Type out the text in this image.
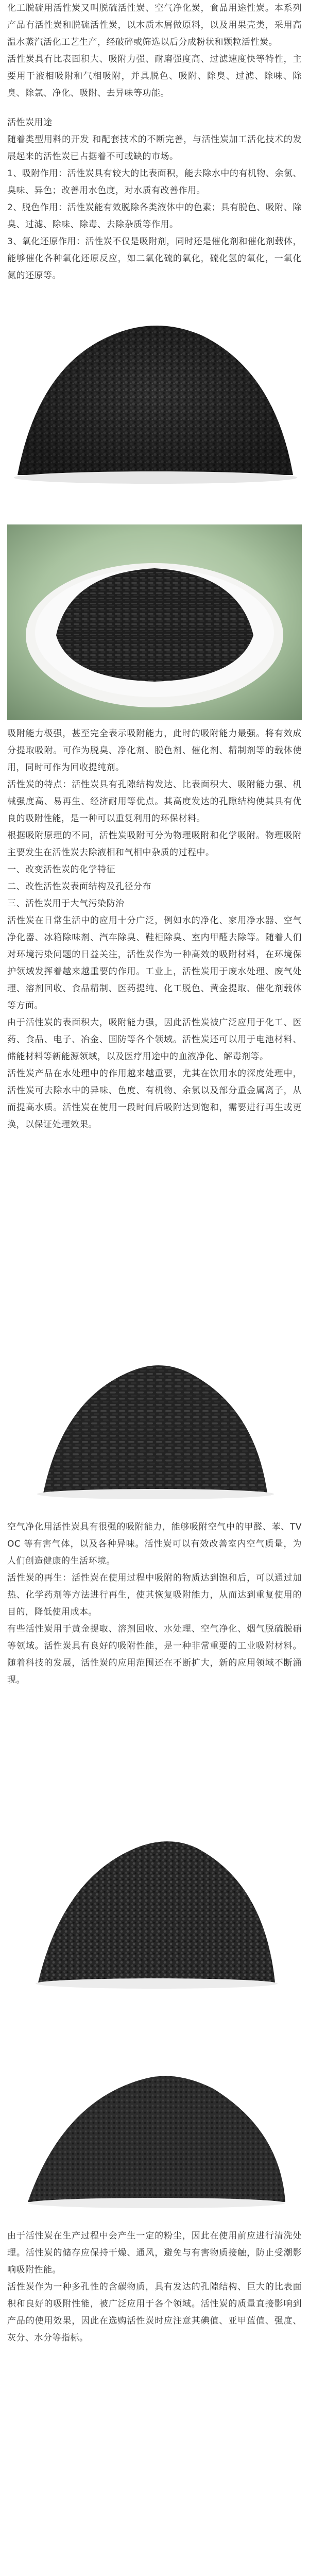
化工脱硫用活性炭又叫脱硫活性炭、空气净化炭，食品用途性炭。本系列产品有活性炭和脱硫活性炭，以木质木屑做原料，以及用果壳类，采用高温水蒸汽活化工艺生产，经破碎或筛选以后分成粉状和颗粒活性炭。

活性炭具有比表面积大、吸附力强、耐磨强度高、过滤速度快等特性，主要用于液相吸附和气相吸附，并具脱色、吸附、除臭、过滤、除味、除臭、除氯、净化、吸附、去异味等功能。

活性炭用途

随着类型用料的开发 和配套技术的不断完善，与活性炭加工活化技术的发展起来的活性炭已占据着不可或缺的市场。

1、吸附作用：活性炭具有较大的比表面积，能去除水中的有机物、余氯、臭味、异色；改善用水色度，对水质有改善作用。

2、脱色作用：活性炭能有效脱除各类液体中的色素；具有脱色、吸附、除臭、过滤、除味、除毒、去除杂质等作用。

3、氧化还原作用：活性炭不仅是吸附剂，同时还是催化剂和催化剂载体，能够催化各种氧化还原反应，如二氧化硫的氧化，硫化氢的氧化，一氧化氮的还原等。

吸附能力极强，甚至完全表示吸附能力，此时的吸附能力最强。将有效成分提取吸附。可作为脱臭、净化剂、脱色剂、催化剂、精制剂等的载体使用，同时可作为回收提纯剂。

活性炭的特点：活性炭具有孔隙结构发达、比表面积大、吸附能力强、机械强度高、易再生、经济耐用等优点。其高度发达的孔隙结构使其具有优良的吸附性能，是一种可以重复利用的环保材料。

根据吸附原理的不同，活性炭吸附可分为物理吸附和化学吸附。物理吸附主要发生在活性炭去除液相和气相中杂质的过程中。

一、改变活性炭的化学特征

二、改性活性炭表面结构及孔径分布

三、活性炭用于大气污染防治

活性炭在日常生活中的应用十分广泛，例如水的净化、家用净水器、空气净化器、冰箱除味剂、汽车除臭、鞋柜除臭、室内甲醛去除等。随着人们对环境污染问题的日益关注，活性炭作为一种高效的吸附材料，在环境保护领域发挥着越来越重要的作用。工业上，活性炭用于废水处理、废气处理、溶剂回收、食品精制、医药提纯、化工脱色、黄金提取、催化剂载体等方面。

由于活性炭的表面积大，吸附能力强，因此活性炭被广泛应用于化工、医药、食品、电子、冶金、国防等各个领域。活性炭还可以用于电池材料、储能材料等新能源领域，以及医疗用途中的血液净化、解毒剂等。

活性炭产品在水处理中的作用越来越重要，尤其在饮用水的深度处理中，活性炭可去除水中的异味、色度、有机物、余氯以及部分重金属离子，从而提高水质。活性炭在使用一段时间后吸附达到饱和，需要进行再生或更换，以保证处理效果。

空气净化用活性炭具有很强的吸附能力，能够吸附空气中的甲醛、苯、TVOC 等有害气体，以及各种异味。活性炭可以有效改善室内空气质量，为人们创造健康的生活环境。

活性炭的再生：活性炭在使用过程中吸附的物质达到饱和后，可以通过加热、化学药剂等方法进行再生，使其恢复吸附能力，从而达到重复使用的目的，降低使用成本。

有些活性炭用于黄金提取、溶剂回收、水处理、空气净化、烟气脱硫脱硝等领域。活性炭具有良好的吸附性能，是一种非常重要的工业吸附材料。随着科技的发展，活性炭的应用范围还在不断扩大，新的应用领域不断涌现。

由于活性炭在生产过程中会产生一定的粉尘，因此在使用前应进行清洗处理。活性炭的储存应保持干燥、通风，避免与有害物质接触，防止受潮影响吸附性能。

活性炭作为一种多孔性的含碳物质，具有发达的孔隙结构、巨大的比表面积和良好的吸附性能，被广泛应用于各个领域。活性炭的质量直接影响到产品的使用效果，因此在选购活性炭时应注意其碘值、亚甲蓝值、强度、灰分、水分等指标。
